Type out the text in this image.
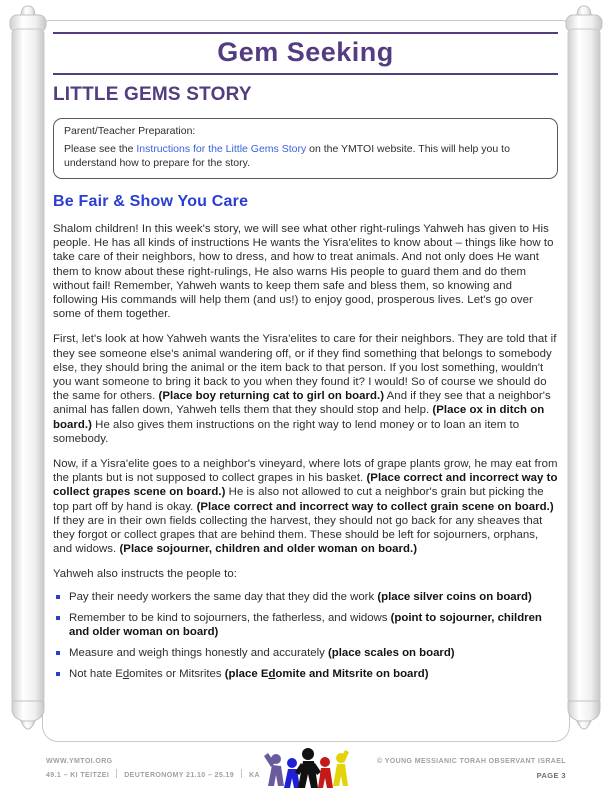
Gem Seeking
LITTLE GEMS STORY
Parent/Teacher Preparation:
Please see the Instructions for the Little Gems Story on the YMTOI website. This will help you to understand how to prepare for the story.
Be Fair & Show You Care

Shalom children! In this week's story, we will see what other right-rulings Yahweh has given to His people. He has all kinds of instructions He wants the Yisra'elites to know about – things like how to take care of their neighbors, how to dress, and how to treat animals. And not only does He want them to know about these right-rulings, He also warns His people to guard them and do them without fail! Remember, Yahweh wants to keep them safe and bless them, so knowing and following His commands will help them (and us!) to enjoy good, prosperous lives. Let's go over some of them together.

First, let's look at how Yahweh wants the Yisra'elites to care for their neighbors. They are told that if they see someone else's animal wandering off, or if they find something that belongs to somebody else, they should bring the animal or the item back to that person. If you lost something, wouldn't you want someone to bring it back to you when they found it? I would! So of course we should do the same for others. (Place boy returning cat to girl on board.) And if they see that a neighbor's animal has fallen down, Yahweh tells them that they should stop and help. (Place ox in ditch on board.) He also gives them instructions on the right way to lend money or to loan an item to somebody.

Now, if a Yisra'elite goes to a neighbor's vineyard, where lots of grape plants grow, he may eat from the plants but is not supposed to collect grapes in his basket. (Place correct and incorrect way to collect grapes scene on board.) He is also not allowed to cut a neighbor's grain but picking the top part off by hand is okay. (Place correct and incorrect way to collect grain scene on board.) If they are in their own fields collecting the harvest, they should not go back for any sheaves that they forgot or collect grapes that are behind them. These should be left for sojourners, orphans, and widows. (Place sojourner, children and older woman on board.)

Yahweh also instructs the people to:

Pay their needy workers the same day that they did the work (place silver coins on board)
Remember to be kind to sojourners, the fatherless, and widows (point to sojourner, children and older woman on board)
Measure and weigh things honestly and accurately (place scales on board)
Not hate Edomites or Mitsrites (place Edomite and Mitsrite on board)
WWW.YMTOI.ORG
49.1 – KI TEITZEI DEUTERONOMY 21.10 – 25.19 KA
© YOUNG MESSIANIC TORAH OBSERVANT ISRAEL
PAGE 3
